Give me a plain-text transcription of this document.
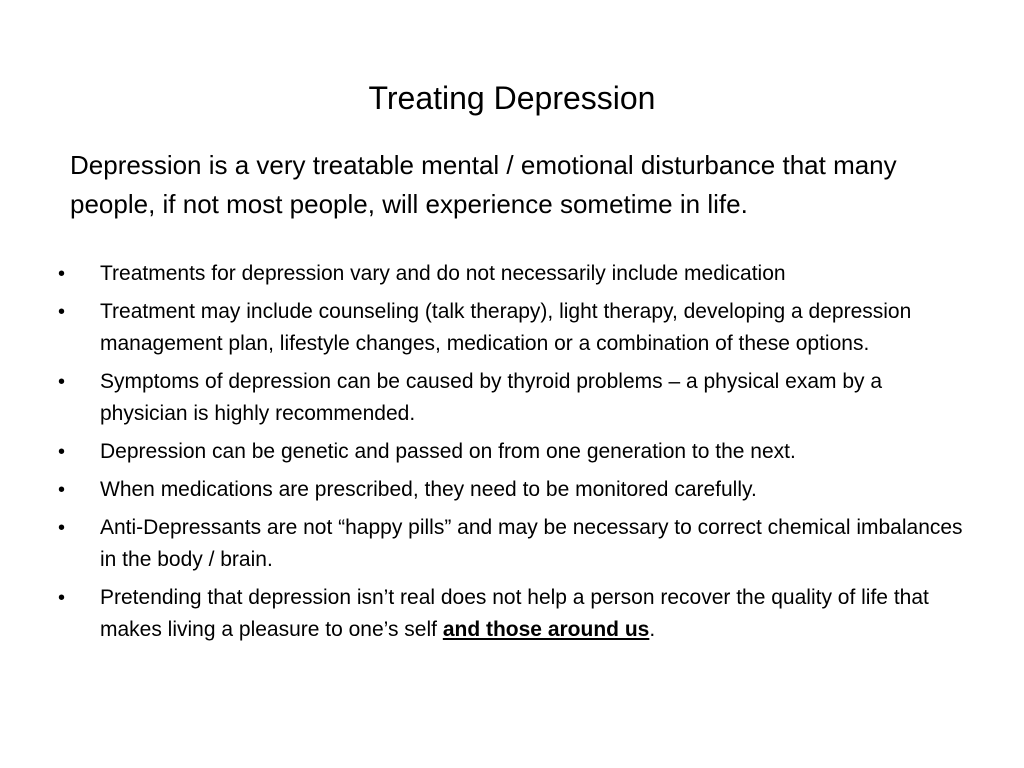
Treating Depression
Depression is a very treatable mental / emotional disturbance that many people, if not most people, will experience sometime in life.
•	Treatments for depression vary and do not necessarily include medication
•	Treatment may include counseling (talk therapy), light therapy, developing a depression management plan, lifestyle changes, medication or a combination of these options.
•	Symptoms of depression can be caused by thyroid problems – a physical exam by a physician is highly recommended.
•	Depression can be genetic and passed on from one generation to the next.
•	When medications are prescribed, they need to be monitored carefully.
•	Anti-Depressants are not “happy pills” and may be necessary to correct chemical imbalances in the body / brain.
•	Pretending that depression isn’t real does not help a person recover the quality of life that makes living a pleasure to one’s self and those around us.
